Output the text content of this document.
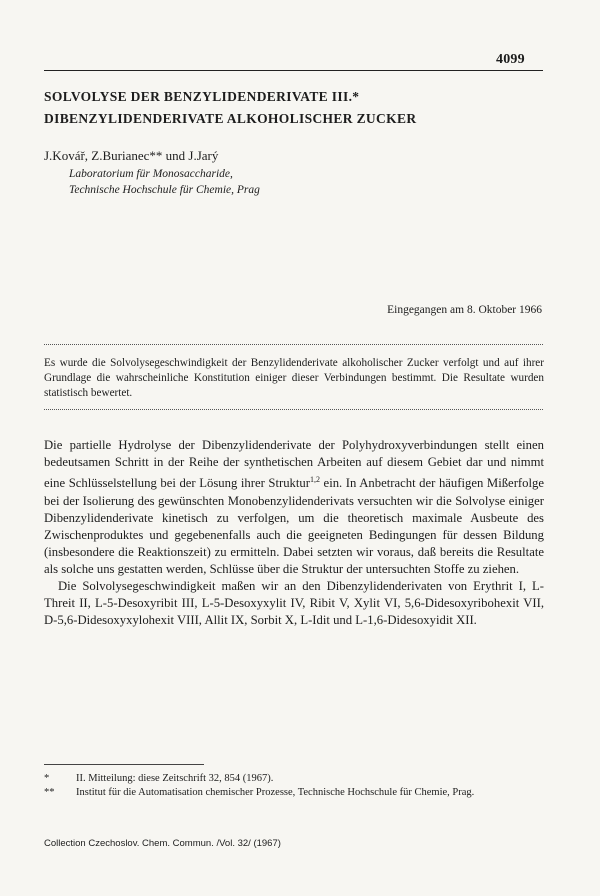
4099
SOLVOLYSE DER BENZYLIDENDERIVATE III.*
DIBENZYLIDENDERIVATE ALKOHOLISCHER ZUCKER
J.Kovář, Z.Burianec** und J.Jarý
Laboratorium für Monosaccharide,
Technische Hochschule für Chemie, Prag
Eingegangen am 8. Oktober 1966
Es wurde die Solvolysegeschwindigkeit der Benzylidenderivate alkoholischer Zucker verfolgt und auf ihrer Grundlage die wahrscheinliche Konstitution einiger dieser Verbindungen bestimmt. Die Resultate wurden statistisch bewertet.

Die partielle Hydrolyse der Dibenzylidenderivate der Polyhydroxyverbindungen stellt einen bedeutsamen Schritt in der Reihe der synthetischen Arbeiten auf diesem Gebiet dar und nimmt eine Schlüsselstellung bei der Lösung ihrer Struktur$^{1,2}$ ein. In Anbetracht der häufigen Mißerfolge bei der Isolierung des gewünschten Monobenzylidenderivats versuchten wir die Solvolyse einiger Dibenzylidenderivate kinetisch zu verfolgen, um die theoretisch maximale Ausbeute des Zwischenproduktes und gegebenenfalls auch die geeigneten Bedingungen für dessen Bildung (insbesondere die Reaktionszeit) zu ermitteln. Dabei setzten wir voraus, daß bereits die Resultate als solche uns gestatten werden, Schlüsse über die Struktur der untersuchten Stoffe zu ziehen.

Die Solvolysegeschwindigkeit maßen wir an den Dibenzylidenderivaten von Erythrit I, L-Threit II, L-5-Desoxyribit III, L-5-Desoxyxylit IV, Ribit V, Xylit VI, 5,6-Didesoxyribohexit VII, D-5,6-Didesoxyxylohexit VIII, Allit IX, Sorbit X, L-Idit und L-1,6-Didesoxyidit XII.

*	II. Mitteilung: diese Zeitschrift 32, 854 (1967).
**	Institut für die Automatisation chemischer Prozesse, Technische Hochschule für Chemie, Prag.
Collection Czechoslov. Chem. Commun. /Vol. 32/ (1967)
